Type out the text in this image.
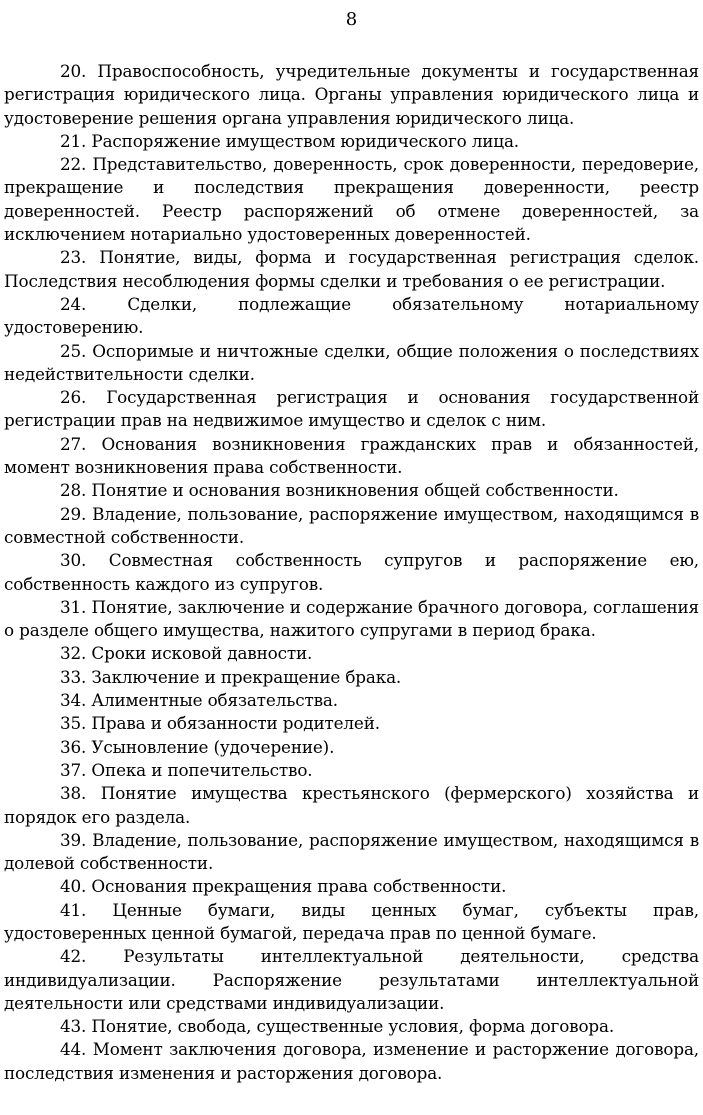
8

20. Правоспособность, учредительные документы и государственная регистрация юридического лица. Органы управления юридического лица и удостоверение решения органа управления юридического лица.

21. Распоряжение имуществом юридического лица.

22. Представительство, доверенность, срок доверенности, передоверие, прекращение и последствия прекращения доверенности, реестр доверенностей. Реестр распоряжений об отмене доверенностей, за исключением нотариально удостоверенных доверенностей.

23. Понятие, виды, форма и государственная регистрация сделок. Последствия несоблюдения формы сделки и требования о ее регистрации.

24. Сделки, подлежащие обязательному нотариальному удостоверению.

25. Оспоримые и ничтожные сделки, общие положения о последствиях недействительности сделки.

26. Государственная регистрация и основания государственной регистрации прав на недвижимое имущество и сделок с ним.

27. Основания возникновения гражданских прав и обязанностей, момент возникновения права собственности.

28. Понятие и основания возникновения общей собственности.

29. Владение, пользование, распоряжение имуществом, находящимся в совместной собственности.

30. Совместная собственность супругов и распоряжение ею, собственность каждого из супругов.

31. Понятие, заключение и содержание брачного договора, соглашения о разделе общего имущества, нажитого супругами в период брака.

32. Сроки исковой давности.

33. Заключение и прекращение брака.

34. Алиментные обязательства.

35. Права и обязанности родителей.

36. Усыновление (удочерение).

37. Опека и попечительство.

38. Понятие имущества крестьянского (фермерского) хозяйства и порядок его раздела.

39. Владение, пользование, распоряжение имуществом, находящимся в долевой собственности.

40. Основания прекращения права собственности.

41. Ценные бумаги, виды ценных бумаг, субъекты прав, удостоверенных ценной бумагой, передача прав по ценной бумаге.

42. Результаты интеллектуальной деятельности, средства индивидуализации. Распоряжение результатами интеллектуальной деятельности или средствами индивидуализации.

43. Понятие, свобода, существенные условия, форма договора.

44. Момент заключения договора, изменение и расторжение договора, последствия изменения и расторжения договора.
